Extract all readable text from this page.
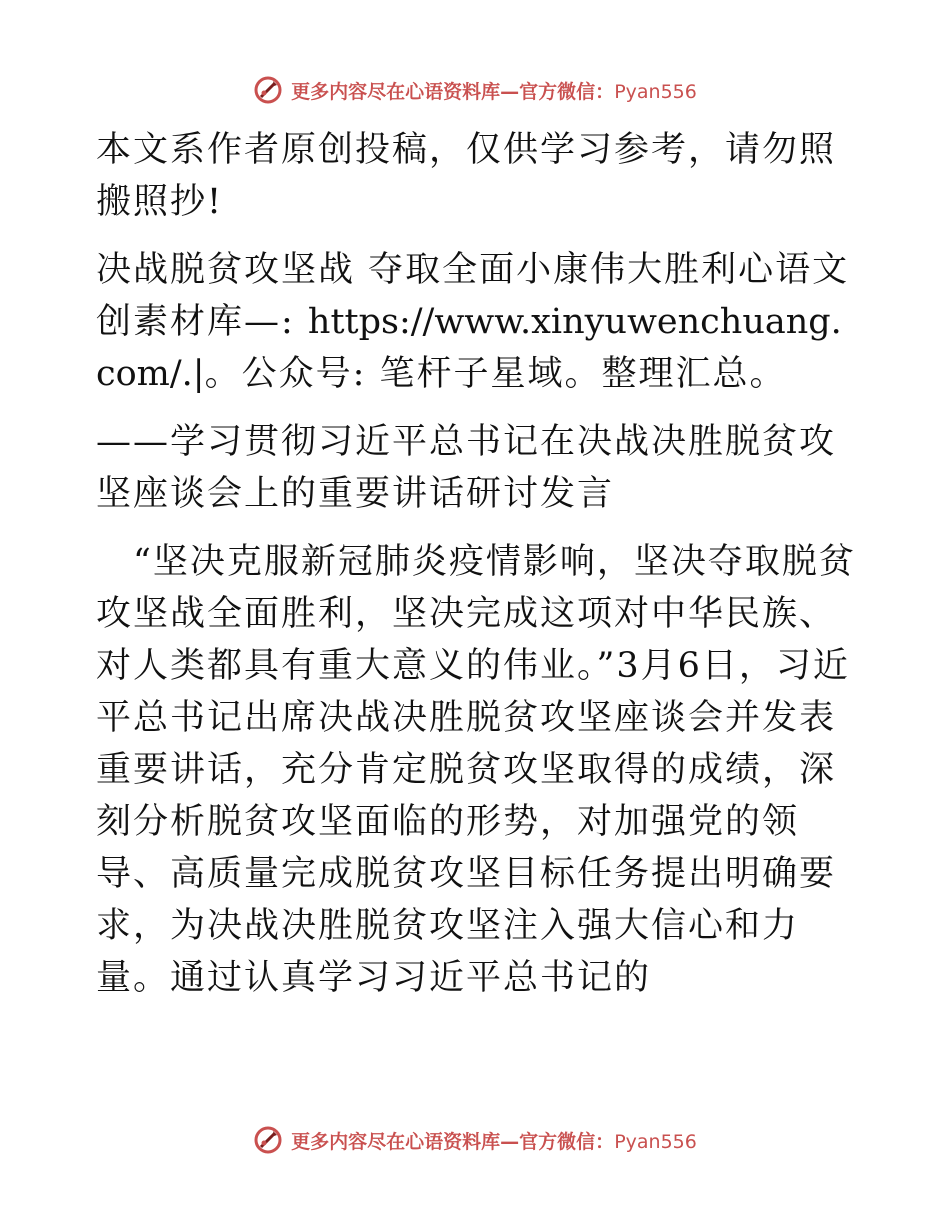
更多内容尽在心语资料库—官方微信：Pyan556

本文系作者原创投稿，仅供学习参考，请勿照搬照抄!

决战脱贫攻坚战 夺取全面小康伟大胜利心语文创素材库—: https://www.xinyuwenchuang.com/.|。公众号: 笔杆子星域。整理汇总。

——学习贯彻习近平总书记在决战决胜脱贫攻坚座谈会上的重要讲话研讨发言

　“坚决克服新冠肺炎疫情影响，坚决夺取脱贫攻坚战全面胜利，坚决完成这项对中华民族、对人类都具有重大意义的伟业。”3月6日，习近平总书记出席决战决胜脱贫攻坚座谈会并发表重要讲话，充分肯定脱贫攻坚取得的成绩，深刻分析脱贫攻坚面临的形势，对加强党的领导、高质量完成脱贫攻坚目标任务提出明确要求，为决战决胜脱贫攻坚注入强大信心和力量。通过认真学习习近平总书记的

更多内容尽在心语资料库—官方微信：Pyan556
